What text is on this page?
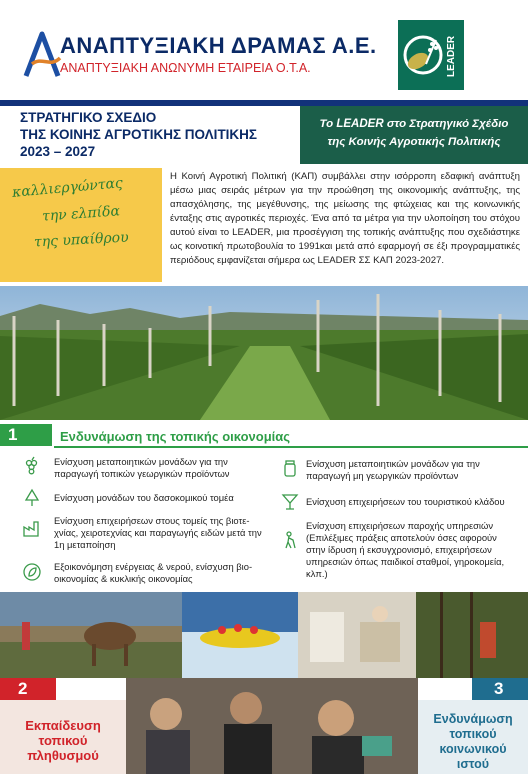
ΑΝΑΠΤΥΞΙΑΚΗ ΔΡΑΜΑΣ Α.Ε.
ΑΝΑΠΤΥΞΙΑΚΗ ΑΝΩΝΥΜΗ ΕΤΑΙΡΕΙΑ Ο.Τ.Α.	LEADER
ΣΤΡΑΤΗΓΙΚΟ ΣΧΕΔΙΟ
ΤΗΣ ΚΟΙΝΗΣ ΑΓΡΟΤΙΚΗΣ ΠΟΛΙΤΙΚΗΣ
2023 – 2027
Το LEADER στο Στρατηγικό Σχέδιο
της Κοινής Αγροτικής Πολιτικής
καλλιεργώντας
την ελπίδα
της υπαίθρου
Η Κοινή Αγροτική Πολιτική (ΚΑΠ) συμβάλλει στην ισόρροπη εδαφική ανάπτυξη μέσω μιας σειράς μέτρων για την προώθηση της οικονομικής ανάπτυξης, της απασχόλησης, της μεγέθυνσης, της μείωσης της φτώχειας και της κοινωνικής ένταξης στις αγροτικές περιοχές. Ένα από τα μέτρα για την υλοποίηση του στόχου αυτού είναι το LEADER, μια προσέγγιση της τοπικής ανάπτυξης που σχεδιάστηκε ως κοινοτική πρωτοβουλία το 1991και μετά από εφαρμογή σε έξι προγραμματικές περιόδους εμφανίζεται σήμερα ως LEADER ΣΣ ΚΑΠ 2023-2027.
1	Ενδυνάμωση της τοπικής οικονομίας
Ενίσχυση μεταποιητικών μονάδων για την παραγωγή τοπικών γεωργικών προϊόντων
Ενίσχυση μονάδων του δασοκομικού τομέα
Ενίσχυση επιχειρήσεων στους τομείς της βιοτε-χνίας, χειροτεχνίας και παραγωγής ειδών μετά την 1η μεταποίηση
Εξοικονόμηση ενέργειας & νερού, ενίσχυση βιο-οικονομίας & κυκλικής οικονομίας
Ενίσχυση μεταποιητικών μονάδων για την παραγωγή μη γεωργικών προϊόντων
Ενίσχυση επιχειρήσεων του τουριστικού κλάδου
Ενίσχυση επιχειρήσεων παροχής υπηρεσιών (Επιλέξιμες πράξεις αποτελούν όσες αφορούν στην ίδρυση ή εκσυγχρονισμό, επιχειρήσεων υπηρεσιών όπως παιδικοί σταθμοί, γηροκομεία, κλπ.)
2
Εκπαίδευση
τοπικού
πληθυσμού
3
Ενδυνάμωση
τοπικού
κοινωνικού
ιστού
